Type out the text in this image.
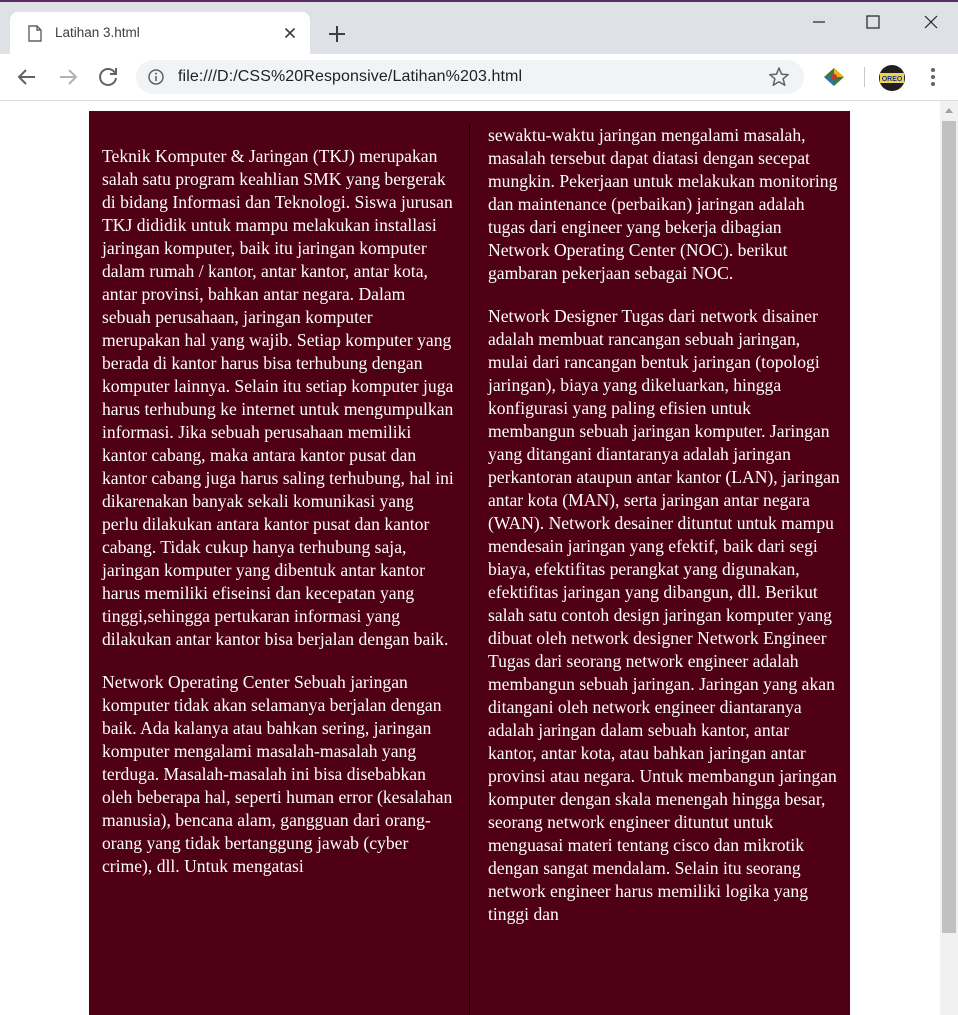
Latihan 3.html
file:///D:/CSS%20Responsive/Latihan%203.html	OREO

Teknik Komputer & Jaringan (TKJ) merupakan salah satu program keahlian SMK yang bergerak di bidang Informasi dan Teknologi. Siswa jurusan TKJ dididik untuk mampu melakukan installasi jaringan komputer, baik itu jaringan komputer dalam rumah / kantor, antar kantor, antar kota, antar provinsi, bahkan antar negara. Dalam sebuah perusahaan, jaringan komputer merupakan hal yang wajib. Setiap komputer yang berada di kantor harus bisa terhubung dengan komputer lainnya. Selain itu setiap komputer juga harus terhubung ke internet untuk mengumpulkan informasi. Jika sebuah perusahaan memiliki kantor cabang, maka antara kantor pusat dan kantor cabang juga harus saling terhubung, hal ini dikarenakan banyak sekali komunikasi yang perlu dilakukan antara kantor pusat dan kantor cabang. Tidak cukup hanya terhubung saja, jaringan komputer yang dibentuk antar kantor harus memiliki efiseinsi dan kecepatan yang tinggi,sehingga pertukaran informasi yang dilakukan antar kantor bisa berjalan dengan baik.

Network Operating Center Sebuah jaringan komputer tidak akan selamanya berjalan dengan baik. Ada kalanya atau bahkan sering, jaringan komputer mengalami masalah-masalah yang terduga. Masalah-masalah ini bisa disebabkan oleh beberapa hal, seperti human error (kesalahan manusia), bencana alam, gangguan dari orang-orang yang tidak bertanggung jawab (cyber crime), dll. Untuk mengatasi

sewaktu-waktu jaringan mengalami masalah, masalah tersebut dapat diatasi dengan secepat mungkin. Pekerjaan untuk melakukan monitoring dan maintenance (perbaikan) jaringan adalah tugas dari engineer yang bekerja dibagian Network Operating Center (NOC). berikut gambaran pekerjaan sebagai NOC.

Network Designer Tugas dari network disainer adalah membuat rancangan sebuah jaringan, mulai dari rancangan bentuk jaringan (topologi jaringan), biaya yang dikeluarkan, hingga konfigurasi yang paling efisien untuk membangun sebuah jaringan komputer. Jaringan yang ditangani diantaranya adalah jaringan perkantoran ataupun antar kantor (LAN), jaringan antar kota (MAN), serta jaringan antar negara (WAN). Network desainer dituntut untuk mampu mendesain jaringan yang efektif, baik dari segi biaya, efektifitas perangkat yang digunakan, efektifitas jaringan yang dibangun, dll. Berikut salah satu contoh design jaringan komputer yang dibuat oleh network designer Network Engineer Tugas dari seorang network engineer adalah membangun sebuah jaringan. Jaringan yang akan ditangani oleh network engineer diantaranya adalah jaringan dalam sebuah kantor, antar kantor, antar kota, atau bahkan jaringan antar provinsi atau negara. Untuk membangun jaringan komputer dengan skala menengah hingga besar, seorang network engineer dituntut untuk menguasai materi tentang cisco dan mikrotik dengan sangat mendalam. Selain itu seorang network engineer harus memiliki logika yang tinggi dan
